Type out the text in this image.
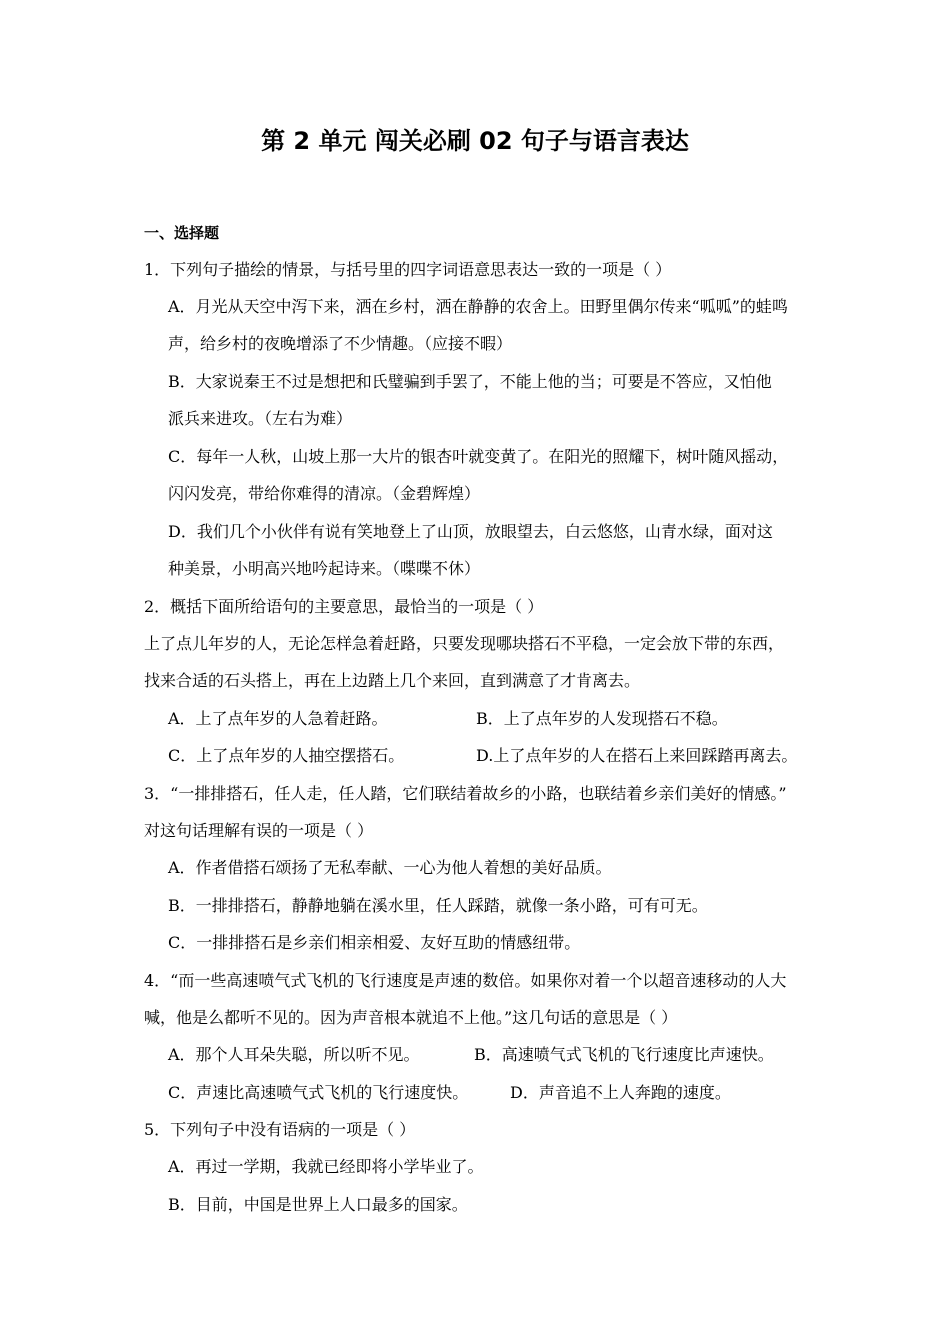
第 2 单元 闯关必刷 02 句子与语言表达
一、选择题
1．下列句子描绘的情景，与括号里的四字词语意思表达一致的一项是（ ）
A．月光从天空中泻下来，洒在乡村，洒在静静的农舍上。田野里偶尔传来“呱呱”的蛙鸣
声，给乡村的夜晚增添了不少情趣。（应接不暇）
B．大家说秦王不过是想把和氏璧骗到手罢了，不能上他的当；可要是不答应，又怕他
派兵来进攻。（左右为难）
C．每年一人秋，山坡上那一大片的银杏叶就变黄了。在阳光的照耀下，树叶随风摇动，
闪闪发亮，带给你难得的清凉。（金碧辉煌）
D．我们几个小伙伴有说有笑地登上了山顶，放眼望去，白云悠悠，山青水绿，面对这
种美景，小明高兴地吟起诗来。（喋喋不休）
2．概括下面所给语句的主要意思，最恰当的一项是（ ）
上了点儿年岁的人，无论怎样急着赶路，只要发现哪块搭石不平稳，一定会放下带的东西，
找来合适的石头搭上，再在上边踏上几个来回，直到满意了才肯离去。
A．上了点年岁的人急着赶路。	B．上了点年岁的人发现搭石不稳。
C．上了点年岁的人抽空摆搭石。	D.上了点年岁的人在搭石上来回踩踏再离去。
3．“一排排搭石，任人走，任人踏，它们联结着故乡的小路，也联结着乡亲们美好的情感。”
对这句话理解有误的一项是（ ）
A．作者借搭石颂扬了无私奉献、一心为他人着想的美好品质。
B．一排排搭石，静静地躺在溪水里，任人踩踏，就像一条小路，可有可无。
C．一排排搭石是乡亲们相亲相爱、友好互助的情感纽带。
4．“而一些高速喷气式飞机的飞行速度是声速的数倍。如果你对着一个以超音速移动的人大
喊，他是么都听不见的。因为声音根本就追不上他。”这几句话的意思是（ ）
A．那个人耳朵失聪，所以听不见。	B．高速喷气式飞机的飞行速度比声速快。
C．声速比高速喷气式飞机的飞行速度快。	D．声音追不上人奔跑的速度。
5．下列句子中没有语病的一项是（ ）
A．再过一学期，我就已经即将小学毕业了。
B．目前，中国是世界上人口最多的国家。
